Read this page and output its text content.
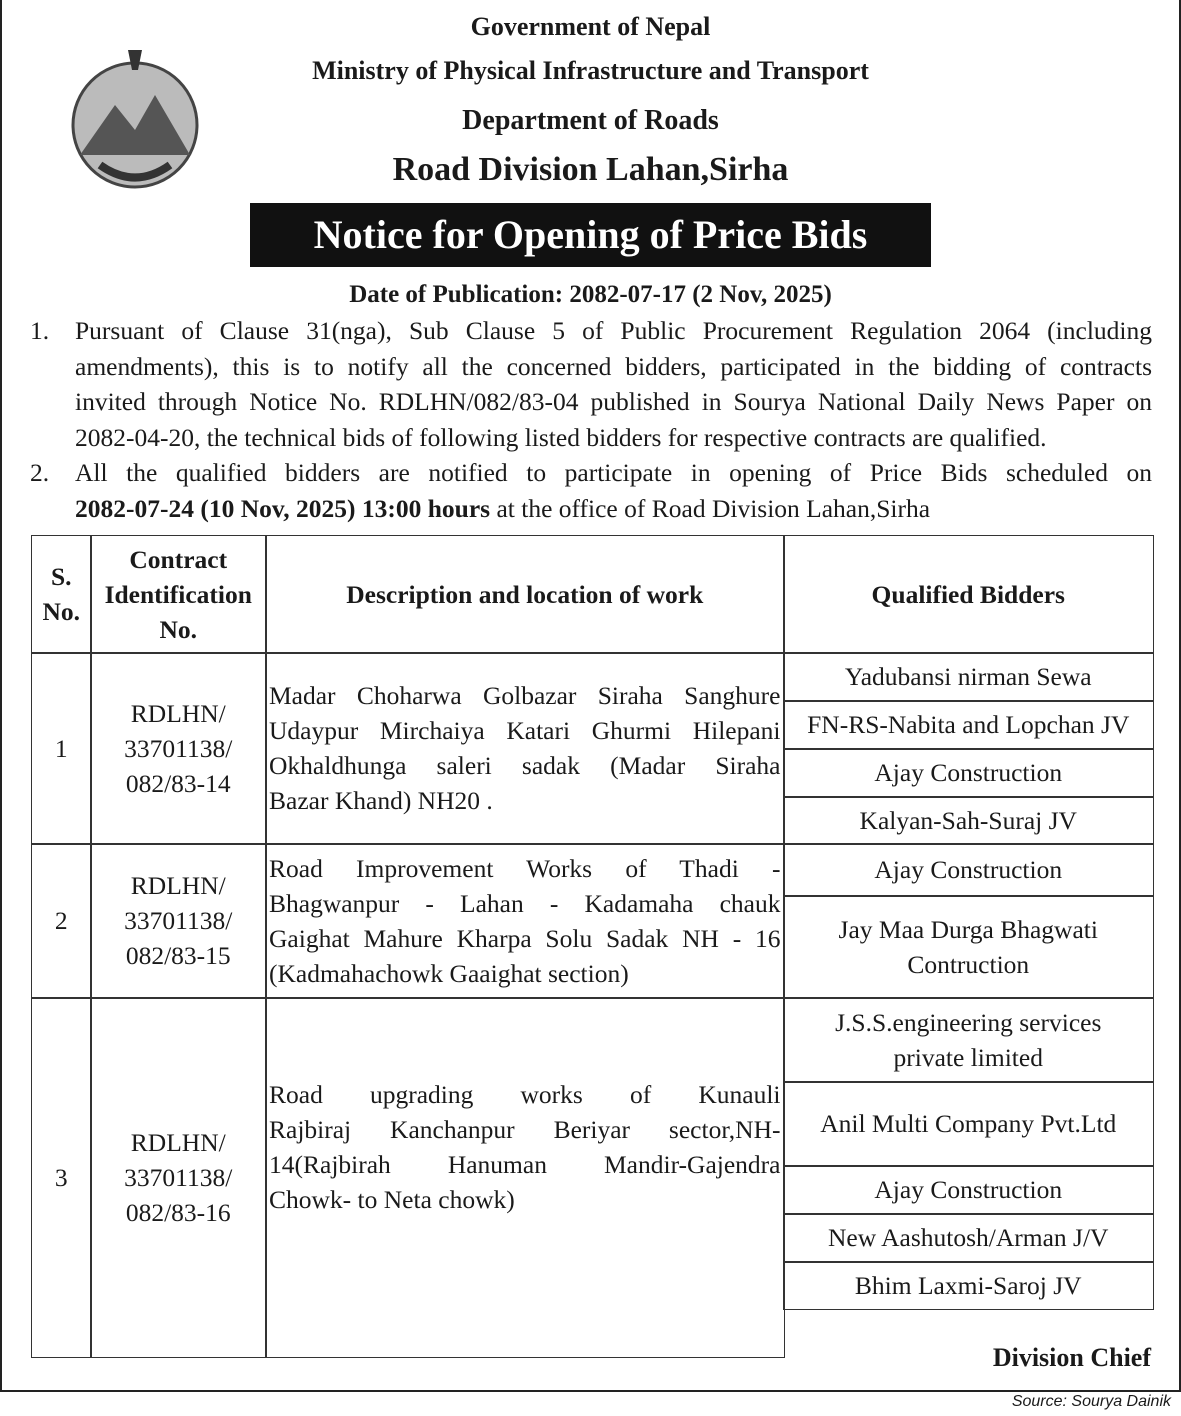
Government of Nepal
Ministry of Physical Infrastructure and Transport
Department of Roads
Road Division Lahan,Sirha
Notice for Opening of Price Bids
Date of Publication: 2082-07-17 (2 Nov, 2025)
1. Pursuant of Clause 31(nga), Sub Clause 5 of Public Procurement Regulation 2064 (including
amendments), this is to notify all the concerned bidders, participated in the bidding of contracts
invited through Notice No. RDLHN/082/83-04 published in Sourya National Daily News Paper on
2082-04-20, the technical bids of following listed bidders for respective contracts are qualified.
2. All the qualified bidders are notified to participate in opening of Price Bids scheduled on
2082-07-24 (10 Nov, 2025) 13:00 hours at the office of Road Division Lahan,Sirha
S. No.
Contract Identification No.
Description and location of work	Qualified Bidders
1
RDLHN/ 33701138/ 082/83-14
Madar Choharwa Golbazar Siraha Sanghure
Udaypur Mirchaiya Katari Ghurmi Hilepani
Okhaldhunga saleri sadak (Madar Siraha
Bazar Khand) NH20 .
Yadubansi nirman Sewa
FN-RS-Nabita and Lopchan JV
Ajay Construction
Kalyan-Sah-Suraj JV
2
RDLHN/ 33701138/ 082/83-15
Road Improvement Works of Thadi -
Bhagwanpur - Lahan - Kadamaha chauk
Gaighat Mahure Kharpa Solu Sadak NH - 16
(Kadmahachowk Gaaighat section)
Ajay Construction
Jay Maa Durga Bhagwati Contruction
3
RDLHN/ 33701138/ 082/83-16
Road upgrading works of Kunauli
Rajbiraj Kanchanpur Beriyar sector,NH-
14(Rajbirah Hanuman Mandir-Gajendra
Chowk- to Neta chowk)
J.S.S.engineering services private limited
Anil Multi Company Pvt.Ltd
Ajay Construction
New Aashutosh/Arman J/V
Bhim Laxmi-Saroj JV
Division Chief
Source: Sourya Dainik
